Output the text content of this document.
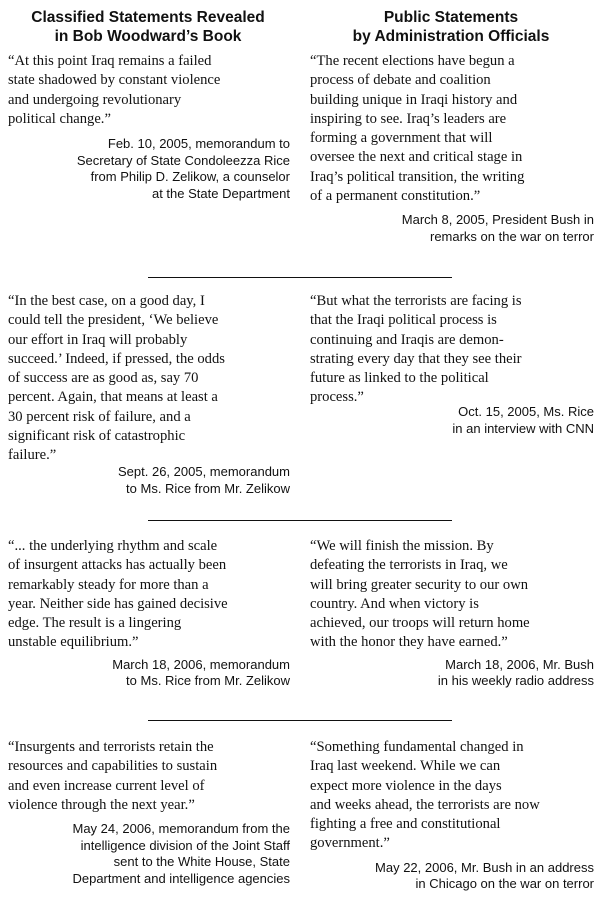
Classified Statements Revealed
in Bob Woodward’s Book
Public Statements
by Administration Officials

“At this point Iraq remains a failed
state shadowed by constant violence
and undergoing revolutionary
political change.”

Feb. 10, 2005, memorandum to
Secretary of State Condoleezza Rice
from Philip D. Zelikow, a counselor
at the State Department

“The recent elections have begun a
process of debate and coalition
building unique in Iraqi history and
inspiring to see. Iraq’s leaders are
forming a government that will
oversee the next and critical stage in
Iraq’s political transition, the writing
of a permanent constitution.”

March 8, 2005, President Bush in
remarks on the war on terror

“In the best case, on a good day, I
could tell the president, ‘We believe
our effort in Iraq will probably
succeed.’ Indeed, if pressed, the odds
of success are as good as, say 70
percent. Again, that means at least a
30 percent risk of failure, and a
significant risk of catastrophic
failure.”

Sept. 26, 2005, memorandum
to Ms. Rice from Mr. Zelikow

“But what the terrorists are facing is
that the Iraqi political process is
continuing and Iraqis are demon-
strating every day that they see their
future as linked to the political
process.”

Oct. 15, 2005, Ms. Rice
in an interview with CNN

“... the underlying rhythm and scale
of insurgent attacks has actually been
remarkably steady for more than a
year. Neither side has gained decisive
edge. The result is a lingering
unstable equilibrium.”

March 18, 2006, memorandum
to Ms. Rice from Mr. Zelikow

“We will finish the mission. By
defeating the terrorists in Iraq, we
will bring greater security to our own
country. And when victory is
achieved, our troops will return home
with the honor they have earned.”

March 18, 2006, Mr. Bush
in his weekly radio address

“Insurgents and terrorists retain the
resources and capabilities to sustain
and even increase current level of
violence through the next year.”

May 24, 2006, memorandum from the
intelligence division of the Joint Staff
sent to the White House, State
Department and intelligence agencies

“Something fundamental changed in
Iraq last weekend. While we can
expect more violence in the days
and weeks ahead, the terrorists are now
fighting a free and constitutional
government.”

May 22, 2006, Mr. Bush in an address
in Chicago on the war on terror
